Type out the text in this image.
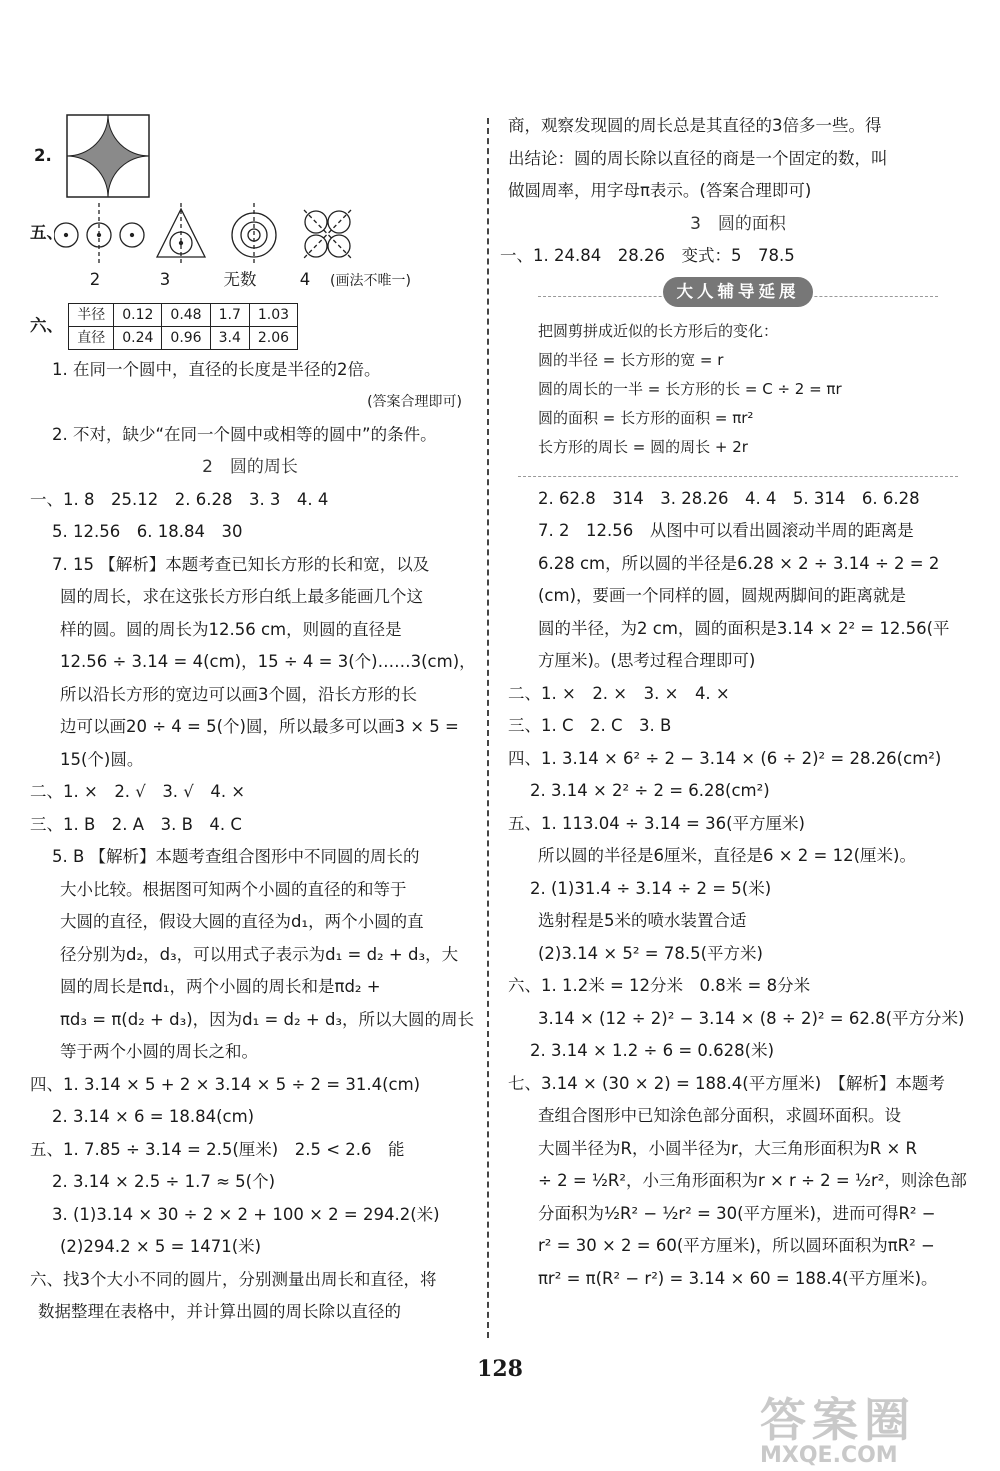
2.
五、
2	3	无数	4 (画法不唯一)
六、 半径	0.12	0.48	1.7	1.03
直径	0.24	0.96	3.4	2.06
1. 在同一个圆中，直径的长度是半径的2倍。
(答案合理即可)
2. 不对，缺少“在同一个圆中或相等的圆中”的条件。
2　圆的周长
一、1. 8　25.12　2. 6.28　3. 3　4. 4
5. 12.56　6. 18.84　30
7. 15 【解析】本题考查已知长方形的长和宽，以及
圆的周长，求在这张长方形白纸上最多能画几个这
样的圆。圆的周长为12.56 cm，则圆的直径是
12.56 ÷ 3.14 = 4(cm)，15 ÷ 4 = 3(个)……3(cm)，
所以沿长方形的宽边可以画3个圆，沿长方形的长
边可以画20 ÷ 4 = 5(个)圆，所以最多可以画3 × 5 =
15(个)圆。
二、1. ×　2. √　3. √　4. ×
三、1. B　2. A　3. B　4. C
5. B 【解析】本题考查组合图形中不同圆的周长的
大小比较。根据图可知两个小圆的直径的和等于
大圆的直径，假设大圆的直径为d₁，两个小圆的直
径分别为d₂，d₃，可以用式子表示为d₁ = d₂ + d₃，大
圆的周长是πd₁，两个小圆的周长和是πd₂ +
πd₃ = π(d₂ + d₃)，因为d₁ = d₂ + d₃，所以大圆的周长
等于两个小圆的周长之和。
四、1. 3.14 × 5 + 2 × 3.14 × 5 ÷ 2 = 31.4(cm)
2. 3.14 × 6 = 18.84(cm)
五、1. 7.85 ÷ 3.14 = 2.5(厘米)　2.5 < 2.6　能
2. 3.14 × 2.5 ÷ 1.7 ≈ 5(个)
3. (1)3.14 × 30 ÷ 2 × 2 + 100 × 2 = 294.2(米)
(2)294.2 × 5 = 1471(米)
六、找3个大小不同的圆片，分别测量出周长和直径，将
数据整理在表格中，并计算出圆的周长除以直径的
商，观察发现圆的周长总是其直径的3倍多一些。得
出结论：圆的周长除以直径的商是一个固定的数，叫
做圆周率，用字母π表示。(答案合理即可)
3　圆的面积
一、1. 24.84　28.26　变式：5　78.5
大人辅导延展
把圆剪拼成近似的长方形后的变化：
圆的半径 = 长方形的宽 = r
圆的周长的一半 = 长方形的长 = C ÷ 2 = πr
圆的面积 = 长方形的面积 = πr²
长方形的周长 = 圆的周长 + 2r
2. 62.8　314　3. 28.26　4. 4　5. 314　6. 6.28
7. 2　12.56　从图中可以看出圆滚动半周的距离是
6.28 cm，所以圆的半径是6.28 × 2 ÷ 3.14 ÷ 2 = 2
(cm)，要画一个同样的圆，圆规两脚间的距离就是
圆的半径，为2 cm，圆的面积是3.14 × 2² = 12.56(平
方厘米)。(思考过程合理即可)
二、1. ×　2. ×　3. ×　4. ×
三、1. C　2. C　3. B
四、1. 3.14 × 6² ÷ 2 − 3.14 × (6 ÷ 2)² = 28.26(cm²)
2. 3.14 × 2² ÷ 2 = 6.28(cm²)
五、1. 113.04 ÷ 3.14 = 36(平方厘米)
所以圆的半径是6厘米，直径是6 × 2 = 12(厘米)。
2. (1)31.4 ÷ 3.14 ÷ 2 = 5(米)
选射程是5米的喷水装置合适
(2)3.14 × 5² = 78.5(平方米)
六、1. 1.2米 = 12分米　0.8米 = 8分米
3.14 × (12 ÷ 2)² − 3.14 × (8 ÷ 2)² = 62.8(平方分米)
2. 3.14 × 1.2 ÷ 6 = 0.628(米)
七、3.14 × (30 × 2) = 188.4(平方厘米)　【解析】本题考
查组合图形中已知涂色部分面积，求圆环面积。设
大圆半径为R，小圆半径为r，大三角形面积为R × R
÷ 2 = ½R²，小三角形面积为r × r ÷ 2 = ½r²，则涂色部
分面积为½R² − ½r² = 30(平方厘米)，进而可得R² −
r² = 30 × 2 = 60(平方厘米)，所以圆环面积为πR² −
πr² = π(R² − r²) = 3.14 × 60 = 188.4(平方厘米)。
128
答案圈
MXQE.COM
